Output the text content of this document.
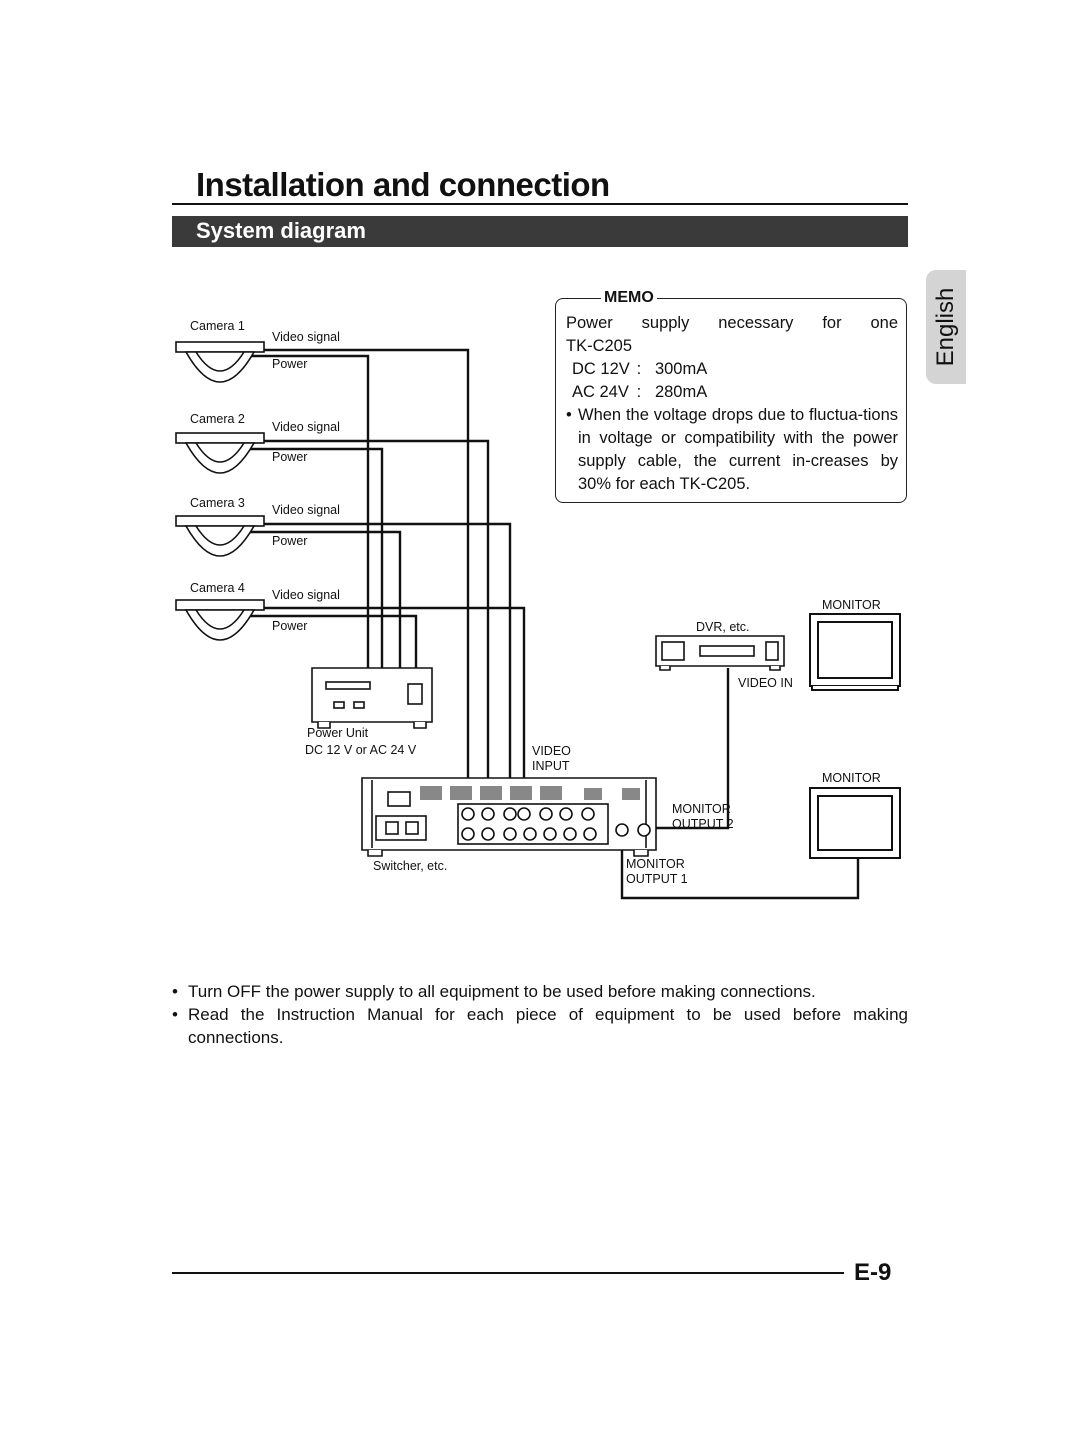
Installation and connection
System diagram
English
MEMO

Power supply necessary for one

TK-C205

DC 12V : 300mA

AC 24V : 280mA

• When the voltage drops due to fluctua-tions in voltage or compatibility with the power supply cable, the current in-creases by 30% for each TK-C205.
Camera 1
Video signal
Power
Camera 2
Video signal
Power
Camera 3 Video signal
Power
Camera 4 Video signal
Power
Power Unit
DC 12 V or AC 24 V	VIDEO
INPUT
Switcher, etc.
DVR, etc.
VIDEO IN
MONITOR
MONITOR
MONITOR
OUTPUT 2
MONITOR
OUTPUT 1
• Turn OFF the power supply to all equipment to be used before making connections.
• Read the Instruction Manual for each piece of equipment to be used before making connections.
E-9
